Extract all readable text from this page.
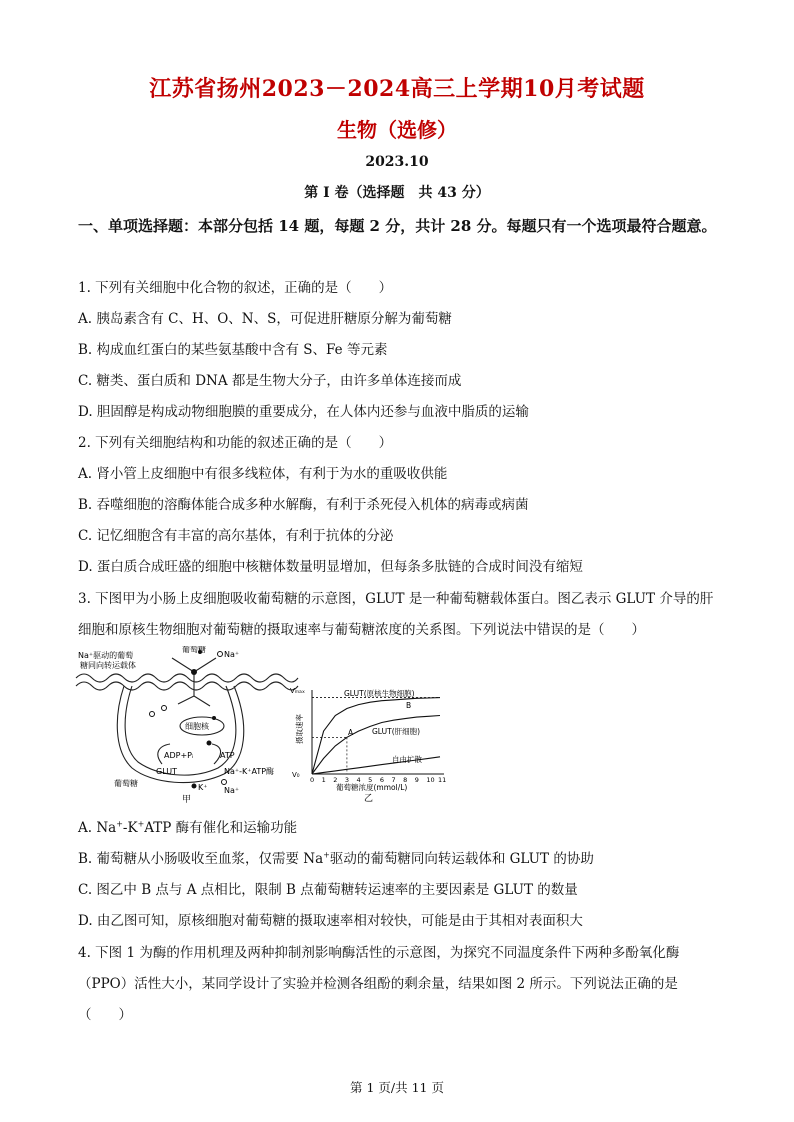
江苏省扬州2023－2024高三上学期10月考试题
生物（选修）
2023.10
第 I 卷（选择题　共 43 分）
一、单项选择题：本部分包括 14 题，每题 2 分，共计 28 分。每题只有一个选项最符合题意。
1. 下列有关细胞中化合物的叙述，正确的是（　　）
A. 胰岛素含有 C、H、O、N、S，可促进肝糖原分解为葡萄糖
B. 构成血红蛋白的某些氨基酸中含有 S、Fe 等元素
C. 糖类、蛋白质和 DNA 都是生物大分子，由许多单体连接而成
D. 胆固醇是构成动物细胞膜的重要成分，在人体内还参与血液中脂质的运输
2. 下列有关细胞结构和功能的叙述正确的是（　　）
A. 肾小管上皮细胞中有很多线粒体，有利于为水的重吸收供能
B. 吞噬细胞的溶酶体能合成多种水解酶，有利于杀死侵入机体的病毒或病菌
C. 记忆细胞含有丰富的高尔基体，有利于抗体的分泌
D. 蛋白质合成旺盛的细胞中核糖体数量明显增加，但每条多肽链的合成时间没有缩短
3. 下图甲为小肠上皮细胞吸收葡萄糖的示意图，GLUT 是一种葡萄糖载体蛋白。图乙表示 GLUT 介导的肝
细胞和原核生物细胞对葡萄糖的摄取速率与葡萄糖浓度的关系图。下列说法中错误的是（　　）
Na⁺驱动的葡萄
糖同向转运载体
葡萄糖
Na⁺
细胞核
ADP+Pᵢ	ATP
GLUT
葡萄糖
Na⁺-K⁺ATP酶
K⁺ Na⁺
甲
0 1 2 3 4 5 6 7 8 9 10 11
Vₘₐₓ
V₀
GLUT(原核生物细胞)
GLUT(肝细胞)
自由扩散
A
B
葡萄糖浓度(mmol/L)
乙
摄取速率
A. Na+-K+ATP 酶有催化和运输功能
B. 葡萄糖从小肠吸收至血浆，仅需要 Na+驱动的葡萄糖同向转运载体和 GLUT 的协助
C. 图乙中 B 点与 A 点相比，限制 B 点葡萄糖转运速率的主要因素是 GLUT 的数量
D. 由乙图可知，原核细胞对葡萄糖的摄取速率相对较快，可能是由于其相对表面积大
4. 下图 1 为酶的作用机理及两种抑制剂影响酶活性的示意图，为探究不同温度条件下两种多酚氧化酶
（PPO）活性大小，某同学设计了实验并检测各组酚的剩余量，结果如图 2 所示。下列说法正确的是
（　　）
第 1 页/共 11 页
